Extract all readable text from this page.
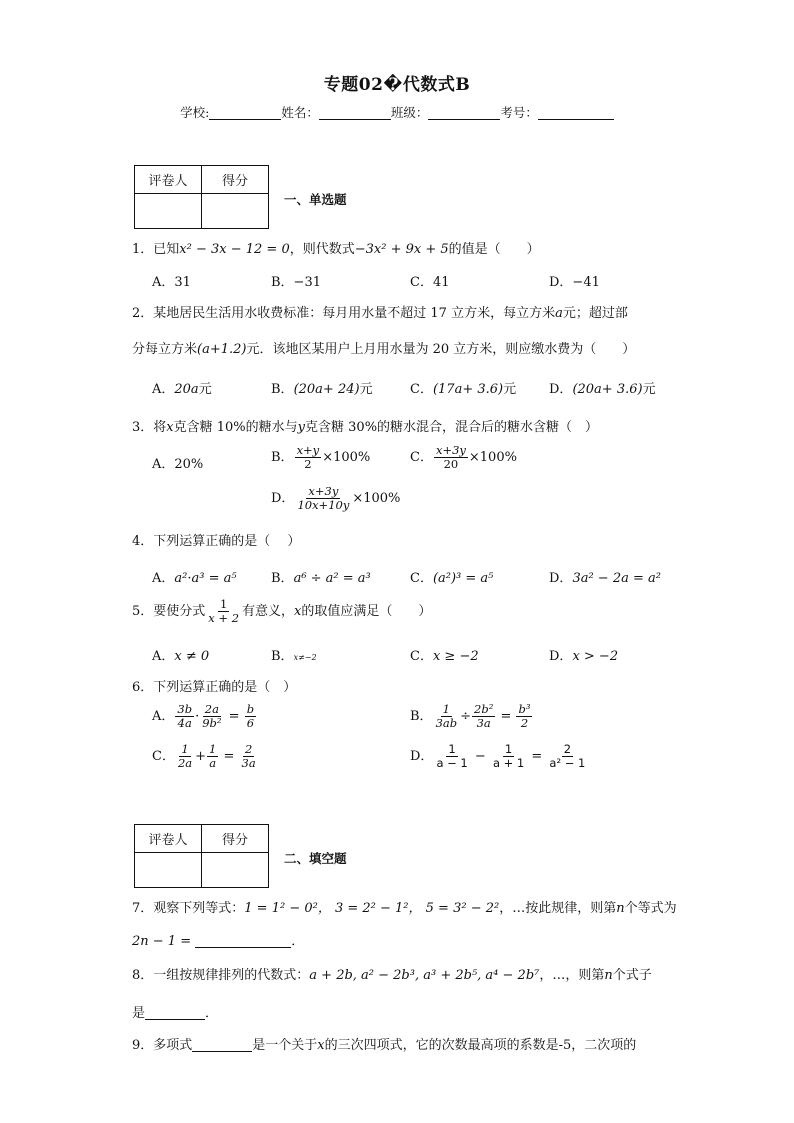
专题02�代数式B
学校:	姓名：	班级：	考号：
评卷人	得分

一、单选题
1．已知x² − 3x − 12 = 0，则代数式−3x² + 9x + 5的值是（　　）
A．31	B．−31	C．41	D．−41
2．某地居民生活用水收费标准：每月用水量不超过 17 立方米，每立方米a元；超过部
分每立方米(a+1.2)元．该地区某用户上月用水量为 20 立方米，则应缴水费为（　　）
A．20a元	B．(20a+ 24)元	C．(17a+ 3.6)元	D．(20a+ 3.6)元
3．将x克含糖 10%的糖水与y克含糖 30%的糖水混合，混合后的糖水含糖（　）
A．20%	B． $\frac{x+y}{2} \times 100\%$	C． $\frac{x+3y}{20} \times 100\%$
D． $\frac{x+3y}{10x+10y} \times 100\%$
4．下列运算正确的是（　 ）
A．a²·a³ = a⁵	B．a⁶ ÷ a² = a³	C．(a²)³ = a⁵	D．3a² − 2a = a²
5．要使分式 $\frac{1}{x + 2}$ 有意义，x的取值应满足（　　）
A．x ≠ 0	B．x≠−2	C．x ≥ −2	D．x > −2
6．下列运算正确的是（　）
A． $\frac{3b}{4a} \cdot \frac{2a}{\text{9b²}} = \frac{b}{6}$	B． $\frac{1}{3ab} \div \frac{\text{2b²}}{3a} = \frac{\text{b³}}{2}$
C． $\frac{1}{2a} + \frac{1}{a} = \frac{2}{3a}$	D． $\frac{1}{a - 1} - \frac{1}{a + 1} = \frac{2}{\text{a² − 1}}$
评卷人	得分

二、填空题
7．观察下列等式：1 = 1² − 0²， 3 = 2² − 1²， 5 = 3² − 2²，…按此规律，则第n个等式为
2n − 1 =	．
8．一组按规律排列的代数式：a + 2b, a² − 2b³, a³ + 2b⁵, a⁴ − 2b⁷，…，则第n个式子
是	．
9．多项式	是一个关于x的三次四项式，它的次数最高项的系数是-5，二次项的
